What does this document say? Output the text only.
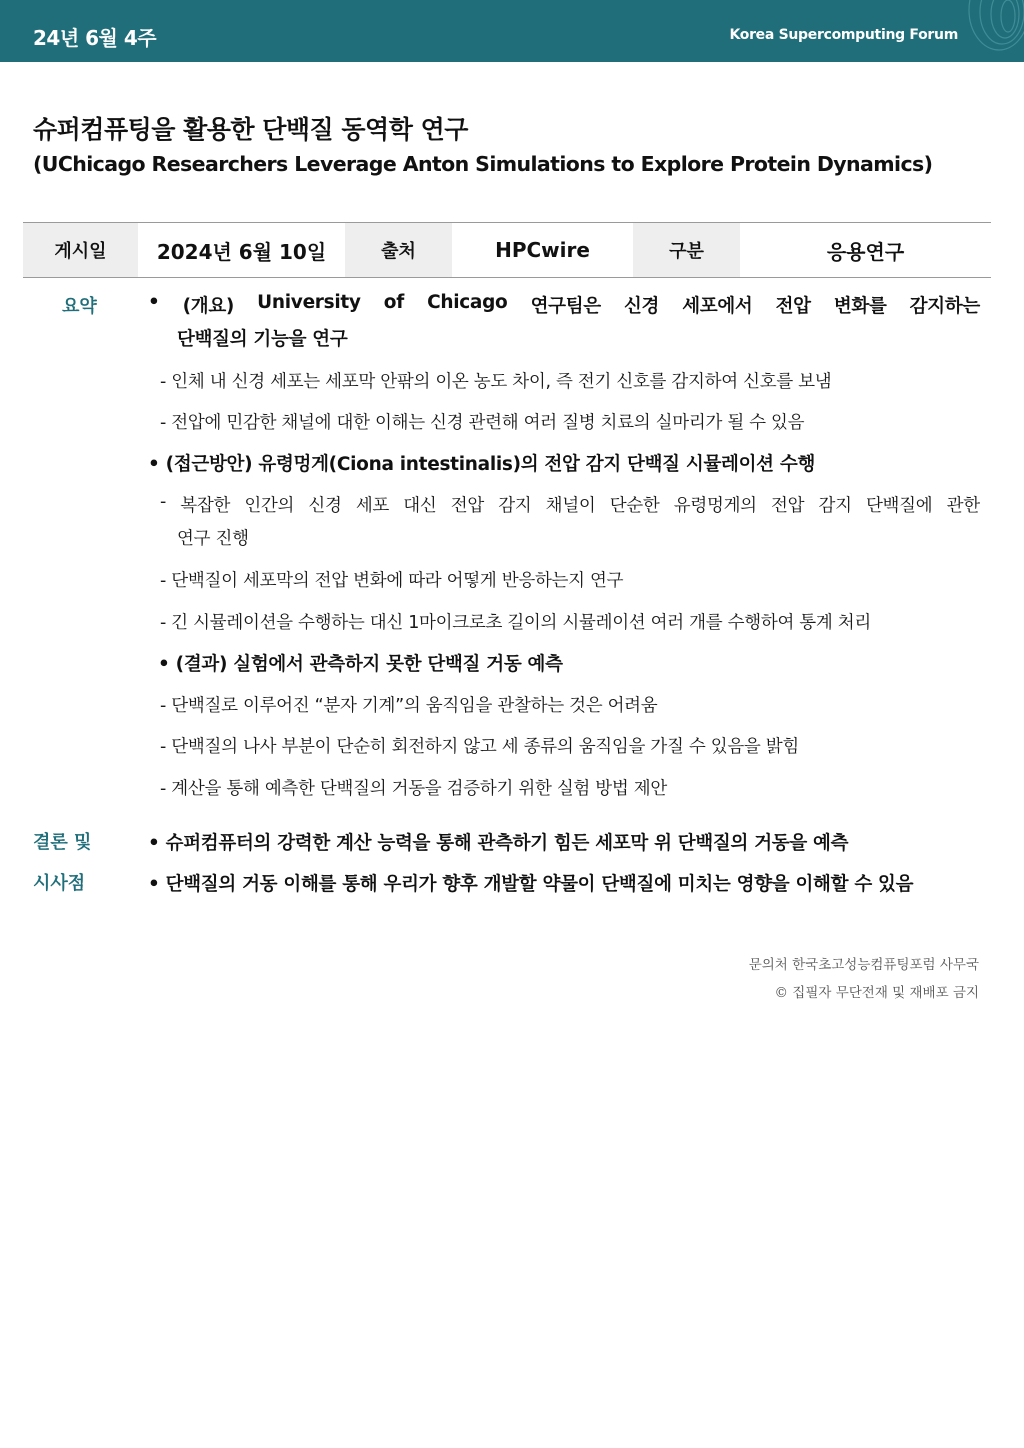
24년 6월 4주	Korea Supercomputing Forum
슈퍼컴퓨팅을 활용한 단백질 동역학 연구
(UChicago Researchers Leverage Anton Simulations to Explore Protein Dynamics)
게시일	2024년 6월 10일	출처	HPCwire	구분	응용연구
요약	• (개요) University of Chicago 연구팀은 신경 세포에서 전압 변화를 감지하는
단백질의 기능을 연구
- 인체 내 신경 세포는 세포막 안팎의 이온 농도 차이, 즉 전기 신호를 감지하여 신호를 보냄
- 전압에 민감한 채널에 대한 이해는 신경 관련해 여러 질병 치료의 실마리가 될 수 있음
• (접근방안) 유령멍게(Ciona intestinalis)의 전압 감지 단백질 시뮬레이션 수행
- 복잡한 인간의 신경 세포 대신 전압 감지 채널이 단순한 유령멍게의 전압 감지 단백질에 관한
연구 진행
- 단백질이 세포막의 전압 변화에 따라 어떻게 반응하는지 연구
- 긴 시뮬레이션을 수행하는 대신 1마이크로초 길이의 시뮬레이션 여러 개를 수행하여 통계 처리
• (결과) 실험에서 관측하지 못한 단백질 거동 예측
- 단백질로 이루어진 “분자 기계”의 움직임을 관찰하는 것은 어려움
- 단백질의 나사 부분이 단순히 회전하지 않고 세 종류의 움직임을 가질 수 있음을 밝힘
- 계산을 통해 예측한 단백질의 거동을 검증하기 위한 실험 방법 제안
결론 및
시사점
• 슈퍼컴퓨터의 강력한 계산 능력을 통해 관측하기 힘든 세포막 위 단백질의 거동을 예측
• 단백질의 거동 이해를 통해 우리가 향후 개발할 약물이 단백질에 미치는 영향을 이해할 수 있음
문의처 한국초고성능컴퓨팅포럼 사무국
© 집필자 무단전재 및 재배포 금지
